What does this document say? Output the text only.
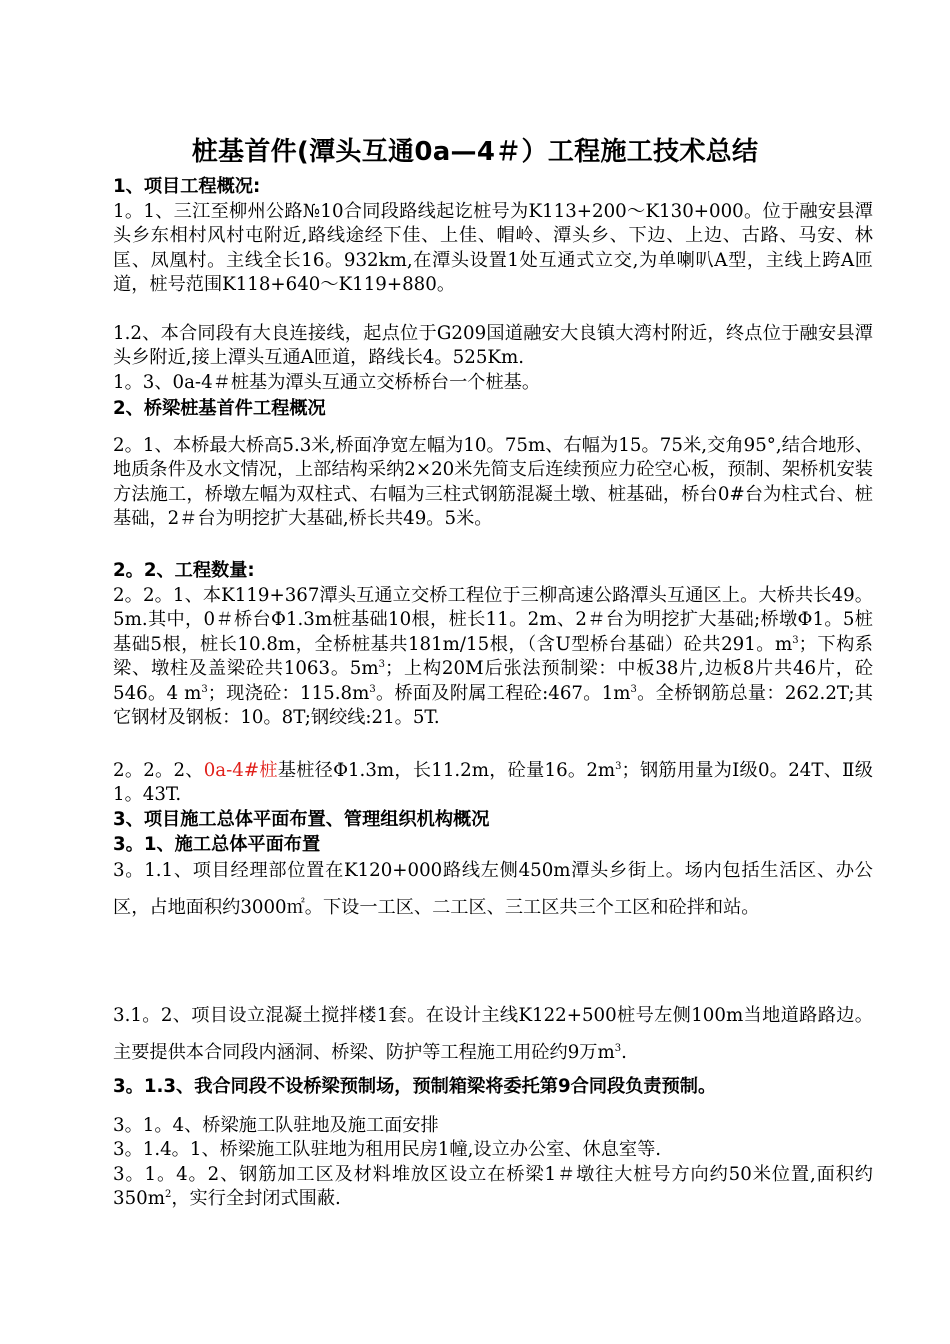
桩基首件(潭头互通0a—4＃）工程施工技术总结
1、项目工程概况:
1。1、三江至柳州公路№10合同段路线起讫桩号为K113+200～K130+000。位于融安县潭头乡东相村风村屯附近,路线途经下佳、上佳、帽岭、潭头乡、下边、上边、古路、马安、林匡、凤凰村。主线全长16。932km,在潭头设置1处互通式立交,为单喇叭A型，主线上跨A匝道，桩号范围K118+640～K119+880。
1.2、本合同段有大良连接线，起点位于G209国道融安大良镇大湾村附近，终点位于融安县潭头乡附近,接上潭头互通A匝道，路线长4。525Km.
1。3、0a-4＃桩基为潭头互通立交桥桥台一个桩基。
2、桥梁桩基首件工程概况
2。1、本桥最大桥高5.3米,桥面净宽左幅为10。75m、右幅为15。75米,交角95°,结合地形、地质条件及水文情况，上部结构采纳2×20米先简支后连续预应力砼空心板，预制、架桥机安装方法施工，桥墩左幅为双柱式、右幅为三柱式钢筋混凝土墩、桩基础，桥台0#台为柱式台、桩基础，2＃台为明挖扩大基础,桥长共49。5米。
2。2、工程数量:
2。2。1、本K119+367潭头互通立交桥工程位于三柳高速公路潭头互通区上。大桥共长49。5m.其中，0＃桥台Φ1.3m桩基础10根，桩长11。2m、2＃台为明挖扩大基础;桥墩Φ1。5桩基础5根，桩长10.8m，全桥桩基共181m/15根，（含U型桥台基础）砼共291。$m^3$；下构系梁、墩柱及盖梁砼共1063。$5m^3$；上构20M后张法预制梁：中板38片,边板8片共46片，砼546。4 $m^3$；现浇砼：$115.8m^3$。桥面及附属工程砼:467。$1m^3$。全桥钢筋总量：262.2T;其它钢材及钢板：10。8T;钢绞线:21。5T.
2。2。2、0a-4#桩基桩径Φ1.3m，长11.2m，砼量16。$2m^3$；钢筋用量为Ⅰ级0。24T、Ⅱ级1。43T.
3、项目施工总体平面布置、管理组织机构概况
3。1、施工总体平面布置
3。1.1、项目经理部位置在K120+000路线左侧450m潭头乡街上。场内包括生活区、办公区，占地面积约3000㎡。下设一工区、二工区、三工区共三个工区和砼拌和站。
3.1。2、项目设立混凝土搅拌楼1套。在设计主线K122+500桩号左侧100m当地道路路边。主要提供本合同段内涵洞、桥梁、防护等工程施工用砼约9万$m^3$.
3。1.3、我合同段不设桥梁预制场，预制箱梁将委托第9合同段负责预制。
3。1。4、桥梁施工队驻地及施工面安排
3。1.4。1、桥梁施工队驻地为租用民房1幢,设立办公室、休息室等.
3。1。4。2、钢筋加工区及材料堆放区设立在桥梁1＃墩往大桩号方向约50米位置,面积约$350m^2$，实行全封闭式围蔽.
